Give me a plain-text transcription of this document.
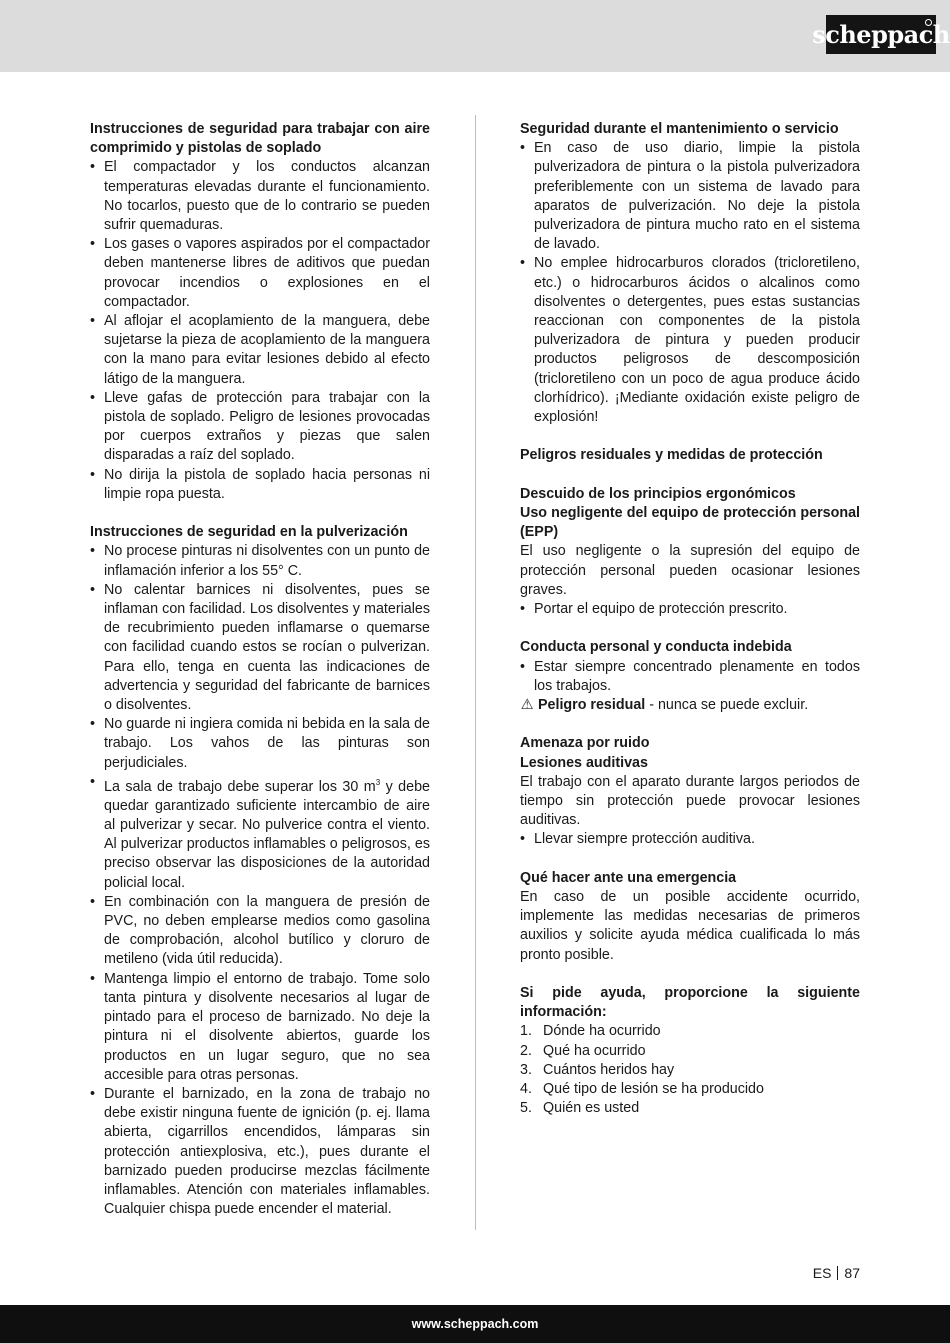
scheppach

Instrucciones de seguridad para trabajar con aire comprimido y pistolas de soplado

• El compactador y los conductos alcanzan temperaturas elevadas durante el funcionamiento. No tocarlos, puesto que de lo contrario se pueden sufrir quemaduras.
• Los gases o vapores aspirados por el compactador deben mantenerse libres de aditivos que puedan provocar incendios o explosiones en el compactador.
• Al aflojar el acoplamiento de la manguera, debe sujetarse la pieza de acoplamiento de la manguera con la mano para evitar lesiones debido al efecto látigo de la manguera.
• Lleve gafas de protección para trabajar con la pistola de soplado. Peligro de lesiones provocadas por cuerpos extraños y piezas que salen disparadas a raíz del soplado.
• No dirija la pistola de soplado hacia personas ni limpie ropa puesta.

Instrucciones de seguridad en la pulverización

• No procese pinturas ni disolventes con un punto de inflamación inferior a los 55° C.
• No calentar barnices ni disolventes, pues se inflaman con facilidad. Los disolventes y materiales de recubrimiento pueden inflamarse o quemarse con facilidad cuando estos se rocían o pulverizan. Para ello, tenga en cuenta las indicaciones de advertencia y seguridad del fabricante de barnices o disolventes.
• No guarde ni ingiera comida ni bebida en la sala de trabajo. Los vahos de las pinturas son perjudiciales.
• La sala de trabajo debe superar los 30 $m^3$ y debe quedar garantizado suficiente intercambio de aire al pulverizar y secar. No pulverice contra el viento. Al pulverizar productos inflamables o peligrosos, es preciso observar las disposiciones de la autoridad policial local.
• En combinación con la manguera de presión de PVC, no deben emplearse medios como gasolina de comprobación, alcohol butílico y cloruro de metileno (vida útil reducida).
• Mantenga limpio el entorno de trabajo. Tome solo tanta pintura y disolvente necesarios al lugar de pintado para el proceso de barnizado. No deje la pintura ni el disolvente abiertos, guarde los productos en un lugar seguro, que no sea accesible para otras personas.
• Durante el barnizado, en la zona de trabajo no debe existir ninguna fuente de ignición (p. ej. llama abierta, cigarrillos encendidos, lámparas sin protección antiexplosiva, etc.), pues durante el barnizado pueden producirse mezclas fácilmente inflamables. Atención con materiales inflamables. Cualquier chispa puede encender el material.

Seguridad durante el mantenimiento o servicio

• En caso de uso diario, limpie la pistola pulverizadora de pintura o la pistola pulverizadora preferiblemente con un sistema de lavado para aparatos de pulverización. No deje la pistola pulverizadora de pintura mucho rato en el sistema de lavado.
• No emplee hidrocarburos clorados (tricloretileno, etc.) o hidrocarburos ácidos o alcalinos como disolventes o detergentes, pues estas sustancias reaccionan con componentes de la pistola pulverizadora de pintura y pueden producir productos peligrosos de descomposición (tricloretileno con un poco de agua produce ácido clorhídrico). ¡Mediante oxidación existe peligro de explosión!

Peligros residuales y medidas de protección

Descuido de los principios ergonómicos

Uso negligente del equipo de protección personal (EPP)

El uso negligente o la supresión del equipo de protección personal pueden ocasionar lesiones graves.

• Portar el equipo de protección prescrito.

Conducta personal y conducta indebida

• Estar siempre concentrado plenamente en todos los trabajos.

⚠ Peligro residual - nunca se puede excluir.

Amenaza por ruido

Lesiones auditivas

El trabajo con el aparato durante largos periodos de tiempo sin protección puede provocar lesiones auditivas.

• Llevar siempre protección auditiva.

Qué hacer ante una emergencia

En caso de un posible accidente ocurrido, implemente las medidas necesarias de primeros auxilios y solicite ayuda médica cualificada lo más pronto posible.

Si pide ayuda, proporcione la siguiente información:

1. Dónde ha ocurrido
2. Qué ha ocurrido
3. Cuántos heridos hay
4. Qué tipo de lesión se ha producido
5. Quién es usted
ES 87
www.scheppach.com
